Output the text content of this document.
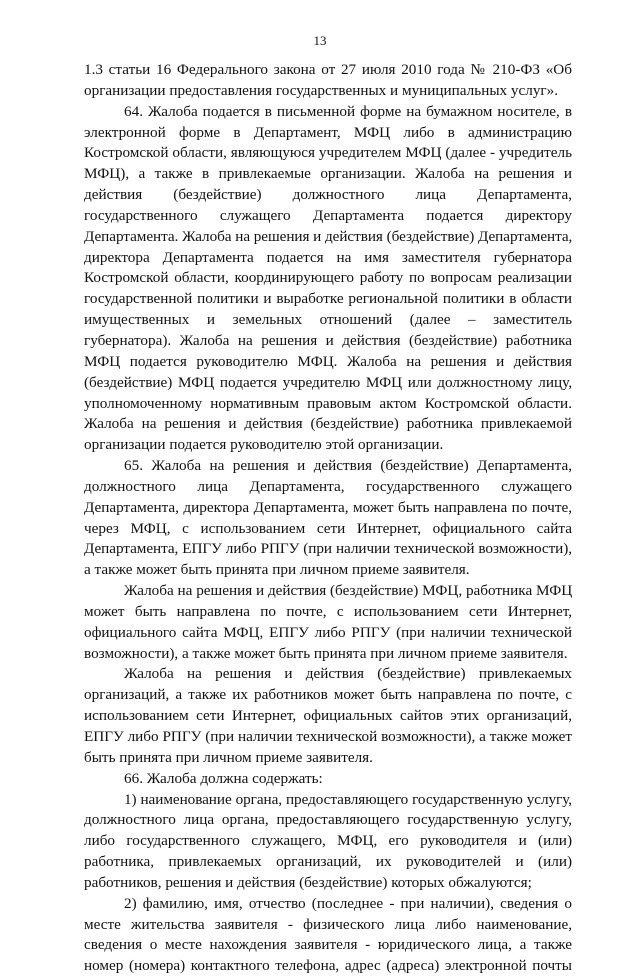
13
1.3 статьи 16 Федерального закона от 27 июля 2010 года № 210-ФЗ «Об
организации предоставления государственных и муниципальных услуг».
64. Жалоба подается в письменной форме на бумажном носителе, в
электронной форме в Департамент, МФЦ либо в администрацию
Костромской области, являющуюся учредителем МФЦ (далее - учредитель
МФЦ), а также в привлекаемые организации. Жалоба на решения и
действия (бездействие) должностного лица Департамента,
государственного служащего Департамента подается директору
Департамента. Жалоба на решения и действия (бездействие) Департамента,
директора Департамента подается на имя заместителя губернатора
Костромской области, координирующего работу по вопросам реализации
государственной политики и выработке региональной политики в области
имущественных и земельных отношений (далее – заместитель
губернатора). Жалоба на решения и действия (бездействие) работника
МФЦ подается руководителю МФЦ. Жалоба на решения и действия
(бездействие) МФЦ подается учредителю МФЦ или должностному лицу,
уполномоченному нормативным правовым актом Костромской области.
Жалоба на решения и действия (бездействие) работника привлекаемой
организации подается руководителю этой организации.
65. Жалоба на решения и действия (бездействие) Департамента,
должностного лица Департамента, государственного служащего
Департамента, директора Департамента, может быть направлена по почте,
через МФЦ, с использованием сети Интернет, официального сайта
Департамента, ЕПГУ либо РПГУ (при наличии технической возможности),
а также может быть принята при личном приеме заявителя.
Жалоба на решения и действия (бездействие) МФЦ, работника МФЦ
может быть направлена по почте, с использованием сети Интернет,
официального сайта МФЦ, ЕПГУ либо РПГУ (при наличии технической
возможности), а также может быть принята при личном приеме заявителя.
Жалоба на решения и действия (бездействие) привлекаемых
организаций, а также их работников может быть направлена по почте, с
использованием сети Интернет, официальных сайтов этих организаций,
ЕПГУ либо РПГУ (при наличии технической возможности), а также может
быть принята при личном приеме заявителя.
66. Жалоба должна содержать:
1) наименование органа, предоставляющего государственную услугу,
должностного лица органа, предоставляющего государственную услугу,
либо государственного служащего, МФЦ, его руководителя и (или)
работника, привлекаемых организаций, их руководителей и (или)
работников, решения и действия (бездействие) которых обжалуются;
2) фамилию, имя, отчество (последнее - при наличии), сведения о
месте жительства заявителя - физического лица либо наименование,
сведения о месте нахождения заявителя - юридического лица, а также
номер (номера) контактного телефона, адрес (адреса) электронной почты
